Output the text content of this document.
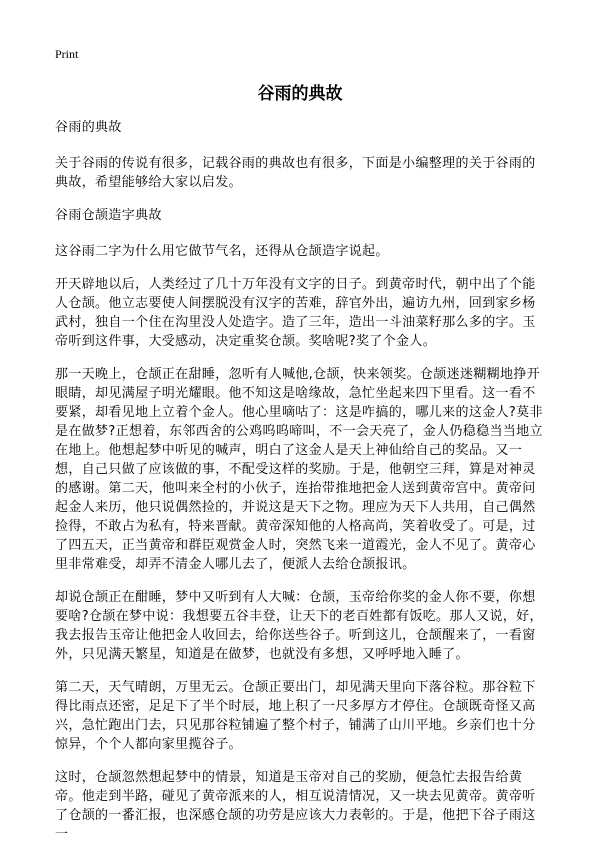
Print
谷雨的典故

谷雨的典故

关于谷雨的传说有很多，记载谷雨的典故也有很多，下面是小编整理的关于谷雨的典故，希望能够给大家以启发。

谷雨仓颉造字典故

这谷雨二字为什么用它做节气名，还得从仓颉造字说起。

开天辟地以后，人类经过了几十万年没有文字的日子。到黄帝时代，朝中出了个能人仓颉。他立志要使人间摆脱没有汉字的苦难，辞官外出，遍访九州，回到家乡杨武村，独自一个住在沟里没人处造字。造了三年，造出一斗油菜籽那么多的字。玉帝听到这件事，大受感动，决定重奖仓颉。奖啥呢?奖了个金人。

那一天晚上，仓颉正在甜睡，忽听有人喊他,仓颉，快来领奖。仓颉迷迷糊糊地挣开眼睛，却见满屋子明光耀眼。他不知这是啥缘故，急忙坐起来四下里看。这一看不要紧，却看见地上立着个金人。他心里嘀咕了：这是咋搞的，哪儿来的这金人?莫非是在做梦?正想着，东邻西舍的公鸡呜呜啼叫，不一会天亮了，金人仍稳稳当当地立在地上。他想起梦中听见的喊声，明白了这金人是天上神仙给自己的奖品。又一想，自己只做了应该做的事，不配受这样的奖励。于是，他朝空三拜，算是对神灵的感谢。第二天，他叫来全村的小伙子，连抬带推地把金人送到黄帝宫中。黄帝问起金人来历，他只说偶然捡的，并说这是天下之物。理应为天下人共用，自己偶然捡得，不敢占为私有，特来晋献。黄帝深知他的人格高尚，笑着收受了。可是，过了四五天，正当黄帝和群臣观赏金人时，突然飞来一道霞光，金人不见了。黄帝心里非常难受，却弄不清金人哪儿去了，便派人去给仓颉报讯。

却说仓颉正在酣睡，梦中又听到有人大喊：仓颉，玉帝给你奖的金人你不要，你想要啥?仓颉在梦中说：我想要五谷丰登，让天下的老百姓都有饭吃。那人又说，好，我去报告玉帝让他把金人收回去，给你送些谷子。听到这儿，仓颉醒来了，一看窗外，只见满天繁星，知道是在做梦，也就没有多想，又呼呼地入睡了。

第二天，天气晴朗，万里无云。仓颉正要出门，却见满天里向下落谷粒。那谷粒下得比雨点还密，足足下了半个时辰，地上积了一尺多厚方才停住。仓颉既奇怪又高兴，急忙跑出门去，只见那谷粒铺遍了整个村子，铺满了山川平地。乡亲们也十分惊异，个个人都向家里揽谷子。

这时，仓颉忽然想起梦中的情景，知道是玉帝对自己的奖励，便急忙去报告给黄帝。他走到半路，碰见了黄帝派来的人，相互说清情况，又一块去见黄帝。黄帝听了仓颉的一番汇报，也深感仓颉的功劳是应该大力表彰的。于是，他把下谷子雨这一
